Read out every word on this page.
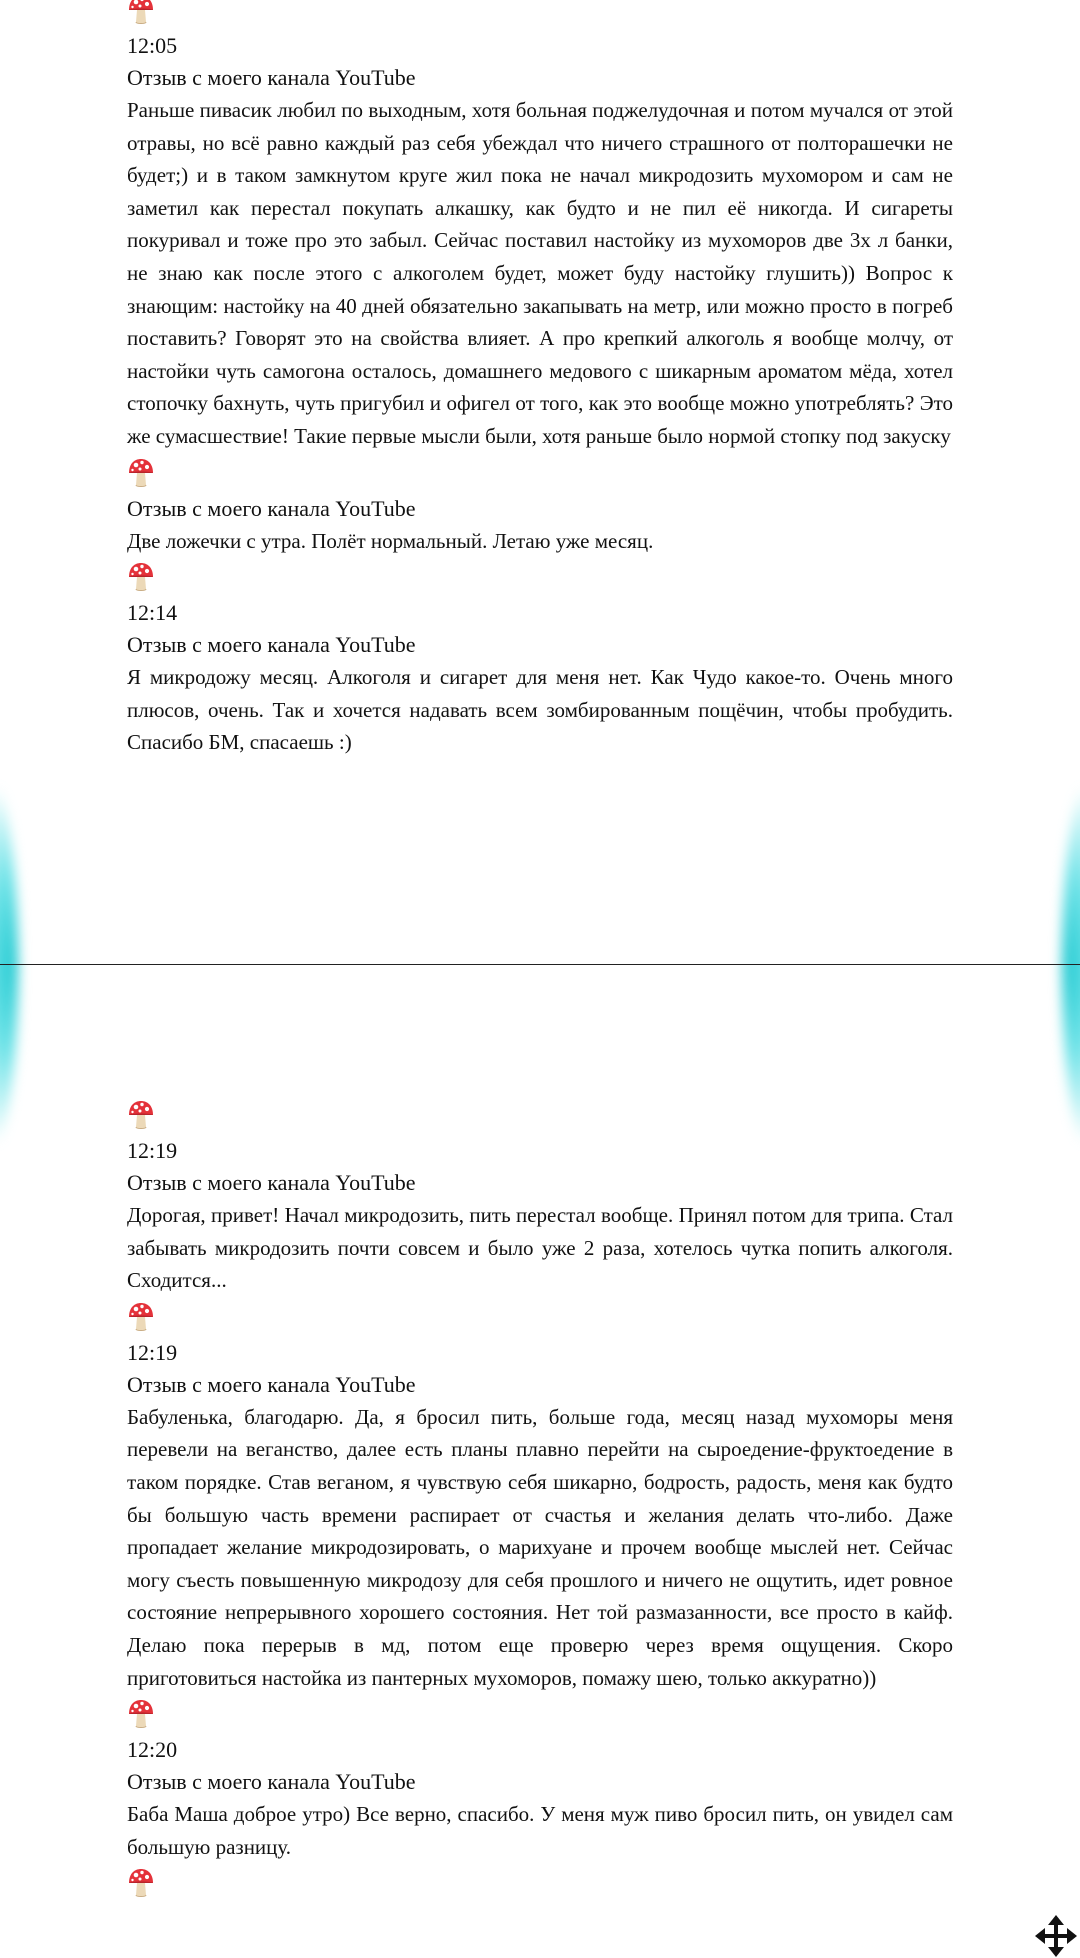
12:05
Отзыв с моего канала YouTube
Раньше пивасик любил по выходным, хотя больная поджелудочная и потом мучался от этой отравы, но всё равно каждый раз себя убеждал что ничего страшного от полторашечки не будет;) и в таком замкнутом круге жил пока не начал микродозить мухомором и сам не заметил как перестал покупать алкашку, как будто и не пил её никогда. И сигареты покуривал и тоже про это забыл. Сейчас поставил настойку из мухоморов две 3х л банки, не знаю как после этого с алкоголем будет, может буду настойку глушить)) Вопрос к знающим: настойку на 40 дней обязательно закапывать на метр, или можно просто в погреб поставить? Говорят это на свойства влияет. А про крепкий алкоголь я вообще молчу, от настойки чуть самогона осталось, домашнего медового с шикарным ароматом мёда, хотел стопочку бахнуть, чуть пригубил и офигел от того, как это вообще можно употреблять? Это же сумасшествие! Такие первые мысли были, хотя раньше было нормой стопку под закуску
Отзыв с моего канала YouTube
Две ложечки с утра. Полёт нормальный. Летаю уже месяц.
12:14
Отзыв с моего канала YouTube
Я микродожу месяц. Алкоголя и сигарет для меня нет. Как Чудо какое-то. Очень много плюсов, очень. Так и хочется надавать всем зомбированным пощёчин, чтобы пробудить. Спасибо БМ, спасаешь :)
12:19
Отзыв с моего канала YouTube
Дорогая, привет! Начал микродозить, пить перестал вообще. Принял потом для трипа. Стал забывать микродозить почти совсем и было уже 2 раза, хотелось чутка попить алкоголя. Сходится...
12:19
Отзыв с моего канала YouTube
Бабуленька, благодарю. Да, я бросил пить, больше года, месяц назад мухоморы меня перевели на веганство, далее есть планы плавно перейти на сыроедение-фруктоедение в таком порядке. Став веганом, я чувствую себя шикарно, бодрость, радость, меня как будто бы большую часть времени распирает от счастья и желания делать что-либо. Даже пропадает желание микродозировать, о марихуане и прочем вообще мыслей нет. Сейчас могу съесть повышенную микродозу для себя прошлого и ничего не ощутить, идет ровное состояние непрерывного хорошего состояния. Нет той размазанности, все просто в кайф. Делаю пока перерыв в мд, потом еще проверю через время ощущения. Скоро приготовиться настойка из пантерных мухоморов, помажу шею, только аккуратно))
12:20
Отзыв с моего канала YouTube
Баба Маша доброе утро) Все верно, спасибо. У меня муж пиво бросил пить, он увидел сам большую разницу.
